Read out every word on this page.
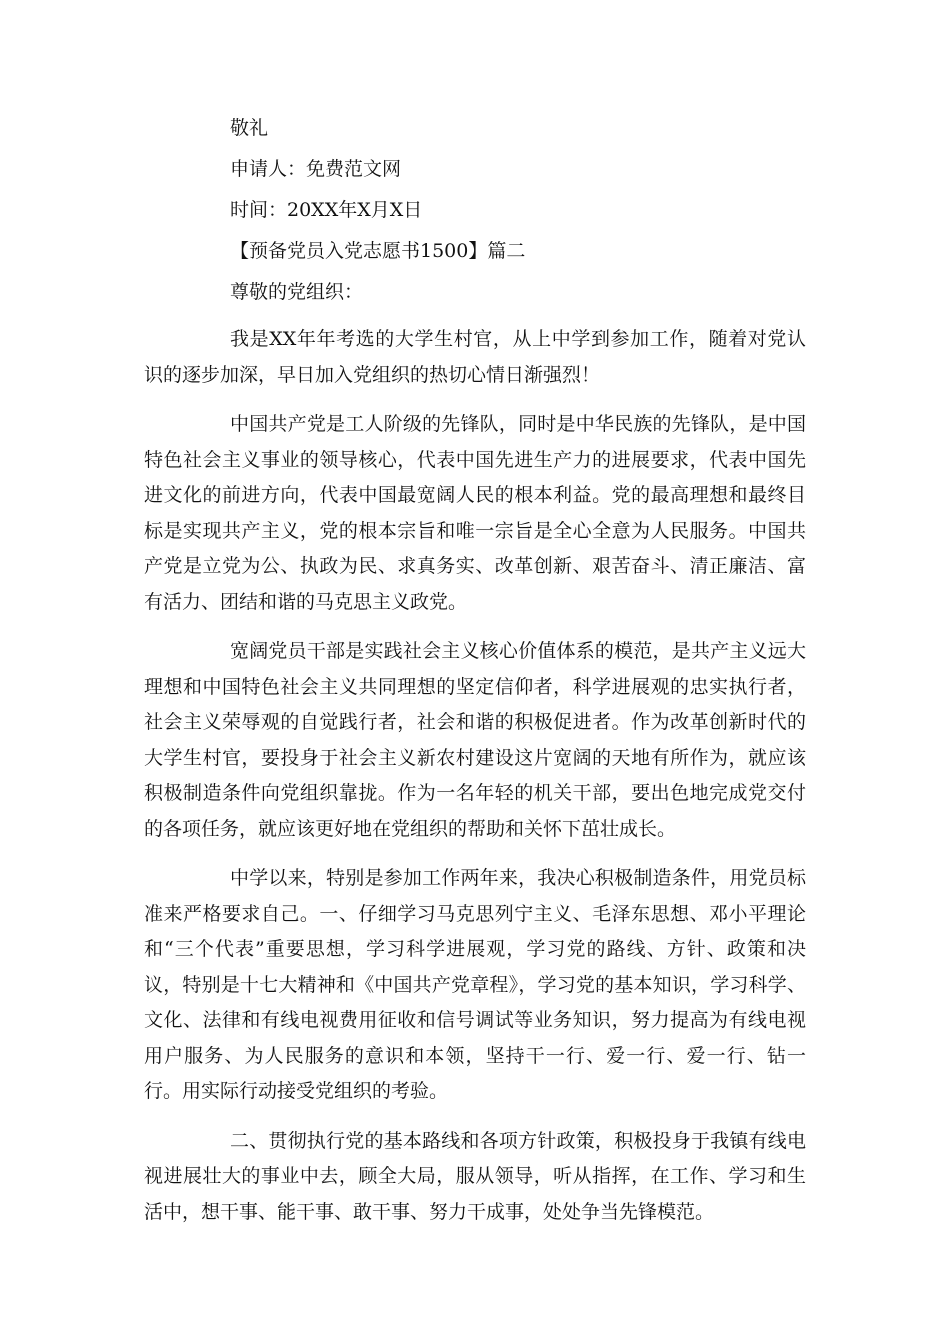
敬礼

申请人：免费范文网

时间：20XX年X月X日

【预备党员入党志愿书1500】篇二

尊敬的党组织：

我是XX年年考选的大学生村官，从上中学到参加工作，随着对党认识的逐步加深，早日加入党组织的热切心情日渐强烈！

中国共产党是工人阶级的先锋队，同时是中华民族的先锋队，是中国特色社会主义事业的领导核心，代表中国先进生产力的进展要求，代表中国先进文化的前进方向，代表中国最宽阔人民的根本利益。党的最高理想和最终目标是实现共产主义，党的根本宗旨和唯一宗旨是全心全意为人民服务。中国共产党是立党为公、执政为民、求真务实、改革创新、艰苦奋斗、清正廉洁、富有活力、团结和谐的马克思主义政党。

宽阔党员干部是实践社会主义核心价值体系的模范，是共产主义远大理想和中国特色社会主义共同理想的坚定信仰者，科学进展观的忠实执行者，社会主义荣辱观的自觉践行者，社会和谐的积极促进者。作为改革创新时代的大学生村官，要投身于社会主义新农村建设这片宽阔的天地有所作为，就应该积极制造条件向党组织靠拢。作为一名年轻的机关干部，要出色地完成党交付的各项任务，就应该更好地在党组织的帮助和关怀下茁壮成长。

中学以来，特别是参加工作两年来，我决心积极制造条件，用党员标准来严格要求自己。一、仔细学习马克思列宁主义、毛泽东思想、邓小平理论和“三个代表”重要思想，学习科学进展观，学习党的路线、方针、政策和决议，特别是十七大精神和《中国共产党章程》，学习党的基本知识，学习科学、文化、法律和有线电视费用征收和信号调试等业务知识，努力提高为有线电视用户服务、为人民服务的意识和本领，坚持干一行、爱一行、爱一行、钻一行。用实际行动接受党组织的考验。

二、贯彻执行党的基本路线和各项方针政策，积极投身于我镇有线电视进展壮大的事业中去，顾全大局，服从领导，听从指挥，在工作、学习和生活中，想干事、能干事、敢干事、努力干成事，处处争当先锋模范。
